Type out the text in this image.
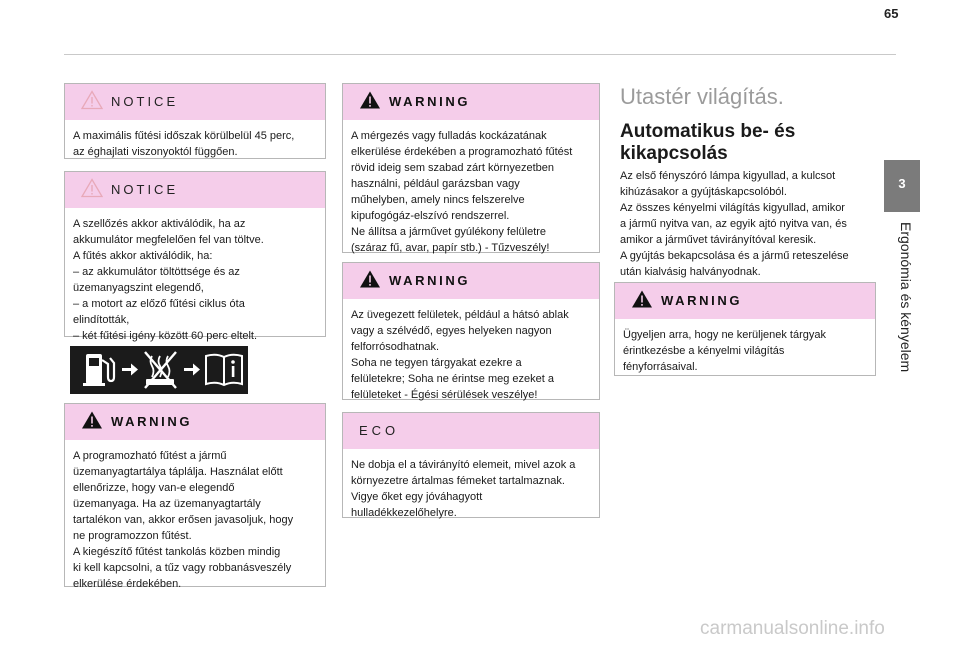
65
NOTICE
A maximális fűtési időszak körülbelül 45 perc,
az éghajlati viszonyoktól függően.
NOTICE
A szellőzés akkor aktiválódik, ha az
akkumulátor megfelelően fel van töltve.
A fűtés akkor aktiválódik, ha:
– az akkumulátor töltöttsége és az
üzemanyagszint elegendő,
– a motort az előző fűtési ciklus óta
elindították,
– két fűtési igény között 60 perc eltelt.
WARNING
A programozható fűtést a jármű
üzemanyagtartálya táplálja. Használat előtt
ellenőrizze, hogy van-e elegendő
üzemanyaga. Ha az üzemanyagtartály
tartalékon van, akkor erősen javasoljuk, hogy
ne programozzon fűtést.
A kiegészítő fűtést tankolás közben mindig
ki kell kapcsolni, a tűz vagy robbanásveszély
elkerülése érdekében.
WARNING
A mérgezés vagy fulladás kockázatának
elkerülése érdekében a programozható fűtést
rövid ideig sem szabad zárt környezetben
használni, például garázsban vagy
műhelyben, amely nincs felszerelve
kipufogógáz-elszívó rendszerrel.
Ne állítsa a járművet gyúlékony felületre
(száraz fű, avar, papír stb.) - Tűzveszély!
WARNING
Az üvegezett felületek, például a hátsó ablak
vagy a szélvédő, egyes helyeken nagyon
felforrósodhatnak.
Soha ne tegyen tárgyakat ezekre a
felületekre; Soha ne érintse meg ezeket a
felületeket - Égési sérülések veszélye!
ECO
Ne dobja el a távirányító elemeit, mivel azok a
környezetre ártalmas fémeket tartalmaznak.
Vigye őket egy jóváhagyott
hulladékkezelőhelyre.
Utastér világítás.
Automatikus be- és
kikapcsolás
Az első fényszóró lámpa kigyullad, a kulcsot
kihúzásakor a gyújtáskapcsolóból.
Az összes kényelmi világítás kigyullad, amikor
a jármű nyitva van, az egyik ajtó nyitva van, és
amikor a járművet távirányítóval keresik.
A gyújtás bekapcsolása és a jármű reteszelése
után kialvásig halványodnak.
WARNING
Ügyeljen arra, hogy ne kerüljenek tárgyak
érintkezésbe a kényelmi világítás
fényforrásaival.
3
Ergonómia és kényelem
carmanualsonline.info
